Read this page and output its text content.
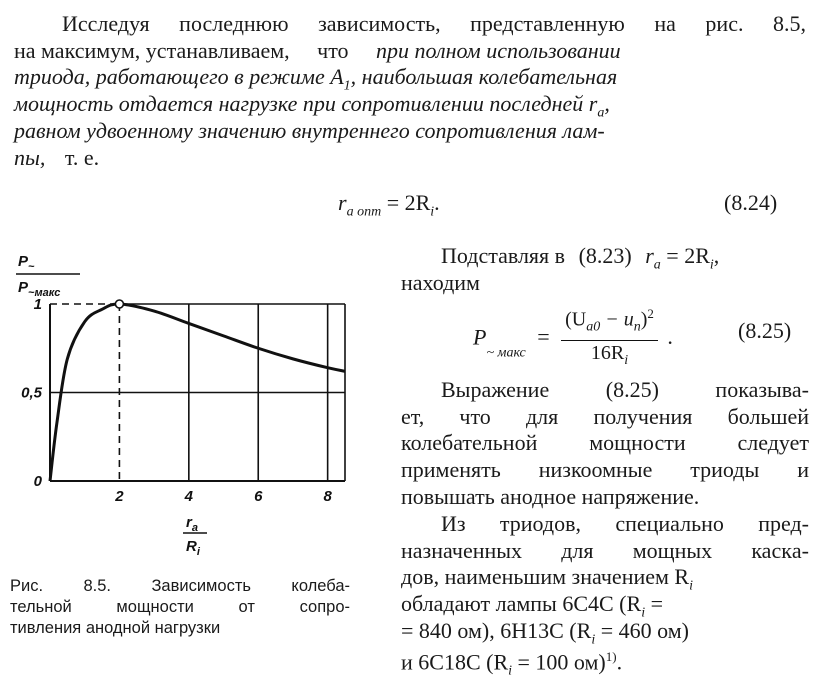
Исследуя последнюю зависимость, представленную на рис. 8.5,
на максимум, устанавливаем, что при полном использовании
триода, работающего в режиме $A_1$, наибольшая колебательная
мощность отдается нагрузке при сопротивлении последней $r_a$,
равном удвоенному значению внутреннего сопротивления лам-
пы, т. е.
$r_{a опт} = 2R_i$.	(8.24)
$P_\sim$
$P_{\sim макс}$
1
0,5
0
2	4	6	8
$r_a$
$R_i$
Рис. 8.5. Зависимость колеба-
тельной мощности от сопро-
тивления анодной нагрузки
Подставляя в (8.23) $r_a = 2R_i$,
находим
$P_{\sim макс} = \frac{(U_{a0} - u_п)^2}{16R_i}$ .	(8.25)
Выражение (8.25) показыва-
ет, что для получения большей
колебательной мощности следует
применять низкоомные триоды и
повышать анодное напряжение.
Из триодов, специально пред-
назначенных для мощных каскa-
дов, наименьшим значением $R_i$
обладают лампы 6С4С ($R_i$ =
= 840 ом), 6Н13С ($R_i = 460$ ом)
и 6С18С ($R_i = 100$ ом)$^{1)}$.
